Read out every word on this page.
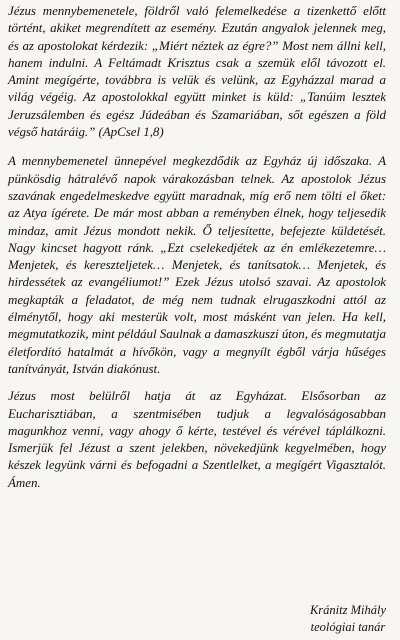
Jézus mennybemenetele, földről való felemelkedése a tizenkettő előtt történt, akiket megrendített az esemény. Ezután angyalok jelennek meg, és az apostolokat kérdezik: „Miért néztek az égre?” Most nem állni kell, hanem indulni. A Feltámadt Krisztus csak a szemük elől távozott el. Amint megígérte, továbbra is velük és velünk, az Egyházzal marad a világ végéig. Az apostolokkal együtt minket is küld: „Tanúim lesztek Jeruzsálemben és egész Júdeában és Szamariában, sőt egészen a föld végső határáig.” (ApCsel 1,8)

A mennybemenetel ünnepével megkezdődik az Egyház új időszaka. A pünkösdig hátralévő napok várakozásban telnek. Az apostolok Jézus szavának engedelmeskedve együtt maradnak, míg erő nem tölti el őket: az Atya ígérete. De már most abban a reményben élnek, hogy teljesedik mindaz, amit Jézus mondott nekik. Ő teljesítette, befejezte küldetését. Nagy kincset hagyott ránk. „Ezt cselekedjétek az én emlékezetemre… Menjetek, és kereszteljetek… Menjetek, és tanítsatok… Menjetek, és hirdessétek az evangéliumot!” Ezek Jézus utolsó szavai. Az apostolok megkapták a feladatot, de még nem tudnak elrugaszkodni attól az élménytől, hogy aki mesterük volt, most másként van jelen. Ha kell, megmutatkozik, mint például Saulnak a damaszkuszi úton, és megmutatja életfordító hatalmát a hívőkön, vagy a megnyílt égből várja hűséges tanítványát, István diakónust.

Jézus most belülről hatja át az Egyházat. Elsősorban az Eucharisztiában, a szentmisében tudjuk a legvalóságosabban magunkhoz venni, vagy ahogy ő kérte, testével és vérével táplálkozni. Ismerjük fel Jézust a szent jelekben, növekedjünk kegyelmében, hogy készek legyünk várni és befogadni a Szentlelket, a megígért Vigasztalót. Ámen.

Kránitz Mihály
teológiai tanár
